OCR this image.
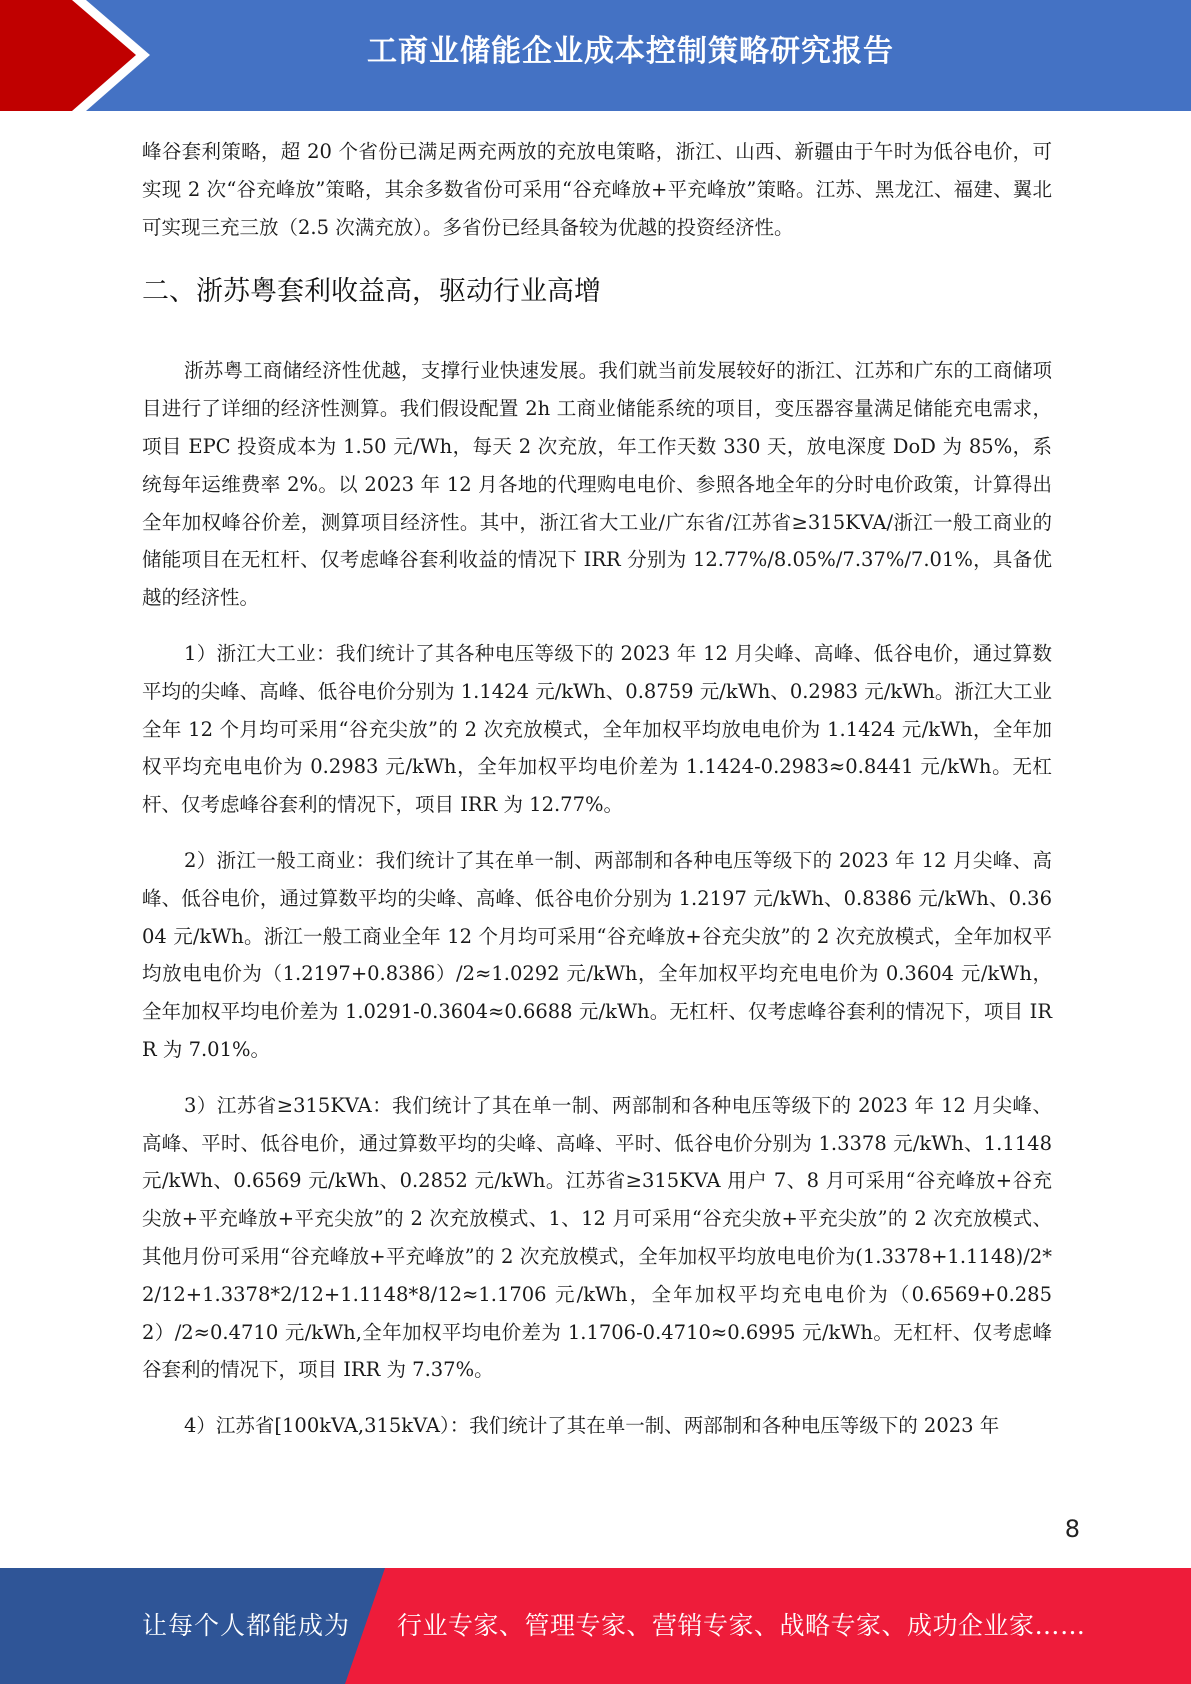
工商业储能企业成本控制策略研究报告

峰谷套利策略，超 20 个省份已满足两充两放的充放电策略，浙江、山西、新疆由于午时为低谷电价，可实现 2 次“谷充峰放”策略，其余多数省份可采用“谷充峰放+平充峰放”策略。江苏、黑龙江、福建、翼北可实现三充三放（2.5 次满充放）。多省份已经具备较为优越的投资经济性。

二、浙苏粤套利收益高，驱动行业高增

浙苏粤工商储经济性优越，支撑行业快速发展。我们就当前发展较好的浙江、江苏和广东的工商储项目进行了详细的经济性测算。我们假设配置 2h 工商业储能系统的项目，变压器容量满足储能充电需求，项目 EPC 投资成本为 1.50 元/Wh，每天 2 次充放，年工作天数 330 天，放电深度 DoD 为 85%，系统每年运维费率 2%。以 2023 年 12 月各地的代理购电电价、参照各地全年的分时电价政策，计算得出全年加权峰谷价差，测算项目经济性。其中，浙江省大工业/广东省/江苏省≥315KVA/浙江一般工商业的储能项目在无杠杆、仅考虑峰谷套利收益的情况下 IRR 分别为 12.77%/8.05%/7.37%/7.01%，具备优越的经济性。

1）浙江大工业：我们统计了其各种电压等级下的 2023 年 12 月尖峰、高峰、低谷电价，通过算数平均的尖峰、高峰、低谷电价分别为 1.1424 元/kWh、0.8759 元/kWh、0.2983 元/kWh。浙江大工业全年 12 个月均可采用“谷充尖放”的 2 次充放模式，全年加权平均放电电价为 1.1424 元/kWh，全年加权平均充电电价为 0.2983 元/kWh，全年加权平均电价差为 1.1424-0.2983≈0.8441 元/kWh。无杠杆、仅考虑峰谷套利的情况下，项目 IRR 为 12.77%。

2）浙江一般工商业：我们统计了其在单一制、两部制和各种电压等级下的 2023 年 12 月尖峰、高峰、低谷电价，通过算数平均的尖峰、高峰、低谷电价分别为 1.2197 元/kWh、0.8386 元/kWh、0.3604 元/kWh。浙江一般工商业全年 12 个月均可采用“谷充峰放+谷充尖放”的 2 次充放模式，全年加权平均放电电价为（1.2197+0.8386）/2≈1.0292 元/kWh，全年加权平均充电电价为 0.3604 元/kWh，全年加权平均电价差为 1.0291-0.3604≈0.6688 元/kWh。无杠杆、仅考虑峰谷套利的情况下，项目 IRR 为 7.01%。

3）江苏省≥315KVA：我们统计了其在单一制、两部制和各种电压等级下的 2023 年 12 月尖峰、高峰、平时、低谷电价，通过算数平均的尖峰、高峰、平时、低谷电价分别为 1.3378 元/kWh、1.1148 元/kWh、0.6569 元/kWh、0.2852 元/kWh。江苏省≥315KVA 用户 7、8 月可采用“谷充峰放+谷充尖放+平充峰放+平充尖放”的 2 次充放模式、1、12 月可采用“谷充尖放+平充尖放”的 2 次充放模式、其他月份可采用“谷充峰放+平充峰放”的 2 次充放模式，全年加权平均放电电价为(1.3378+1.1148)/2*2/12+1.3378*2/12+1.1148*8/12≈1.1706 元/kWh，全年加权平均充电电价为（0.6569+0.2852）/2≈0.4710 元/kWh,全年加权平均电价差为 1.1706-0.4710≈0.6995 元/kWh。无杠杆、仅考虑峰谷套利的情况下，项目 IRR 为 7.37%。

4）江苏省[100kVA,315kVA）：我们统计了其在单一制、两部制和各种电压等级下的 2023 年

8
让每个人都能成为 行业专家、管理专家、营销专家、战略专家、成功企业家……
